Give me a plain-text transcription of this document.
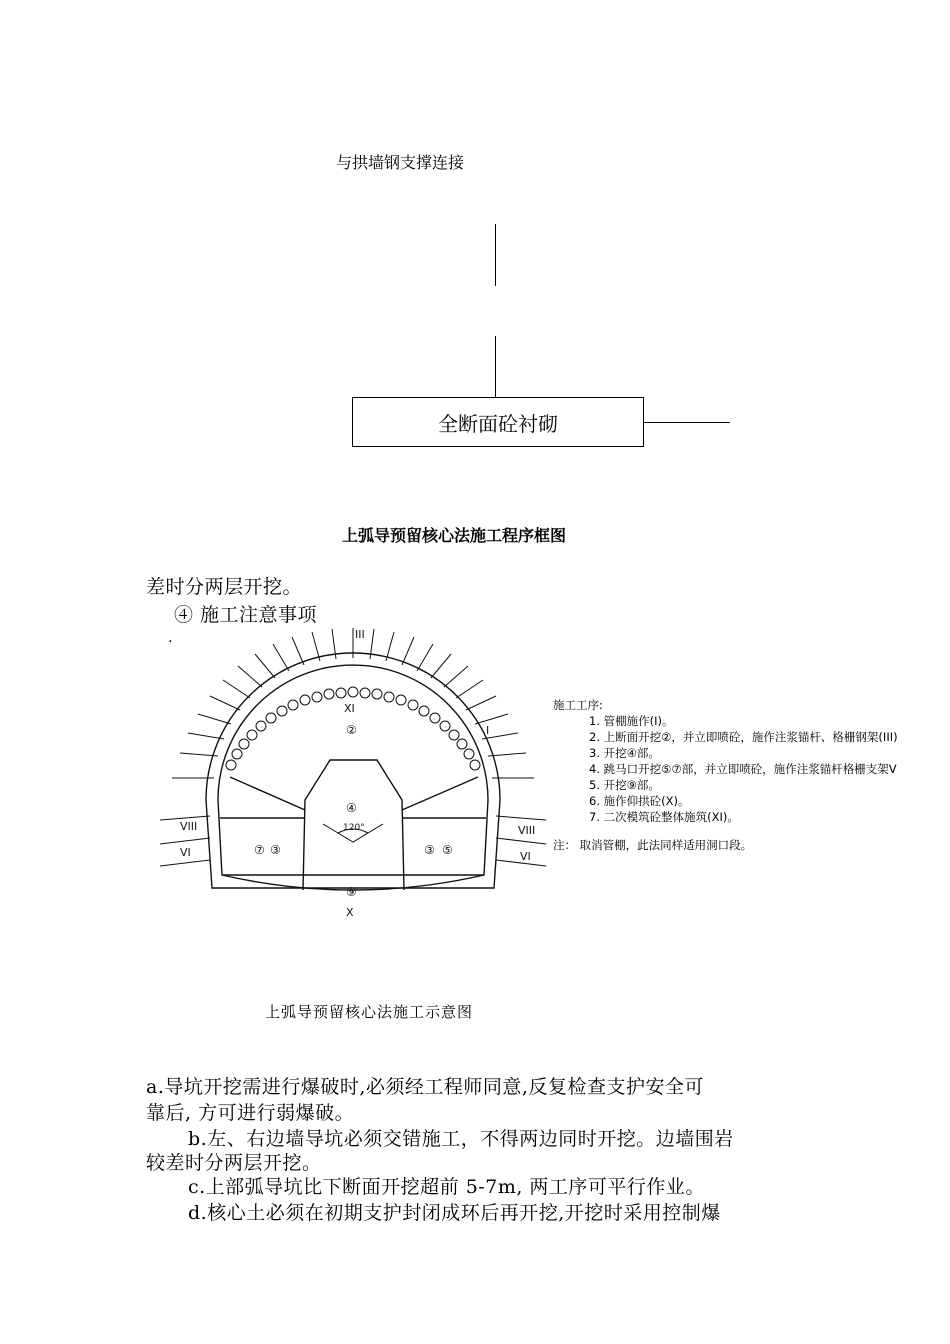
与拱墙钢支撑连接
全断面砼衬砌
上弧导预留核心法施工程序框图
差时分两层开挖。
④ 施工注意事项
.	III
I
VIII
VI
VIII
VI
XI
X
②
④
⑨
⑦ ③	③ ⑤
120°
施工工序:
1. 管棚施作(I)。
2. 上断面开挖②，并立即喷砼，施作注浆锚杆、格栅钢架(III)
3. 开挖④部。
4. 跳马口开挖⑤⑦部，并立即喷砼，施作注浆锚杆格栅支架V
5. 开挖⑨部。
6. 施作仰拱砼(X)。
7. 二次模筑砼整体施筑(XI)。
注： 取消管棚，此法同样适用洞口段。
上弧导预留核心法施工示意图
a.导坑开挖需进行爆破时,必须经工程师同意,反复检查支护安全可
靠后, 方可进行弱爆破。
b.左、右边墙导坑必须交错施工，不得两边同时开挖。边墙围岩
较差时分两层开挖。
c.上部弧导坑比下断面开挖超前 5-7m, 两工序可平行作业。
d.核心土必须在初期支护封闭成环后再开挖,开挖时采用控制爆
